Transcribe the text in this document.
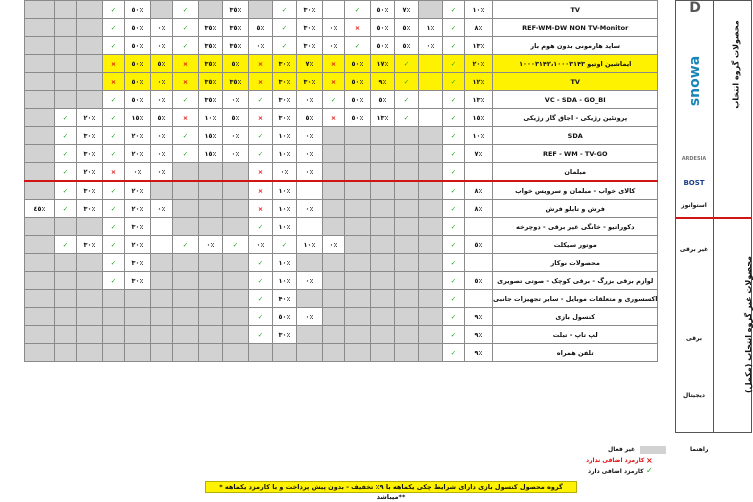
			✓	٥٠٪		✓		٣٥٪		✓	٣٠٪		✓	٥٠٪	٧٪		✓	۱۰٪	TV
			✓	٥٠٪	۰٪	✓	٣٥٪	٣٥٪	٥٪	✓	٣٠٪	۰٪	×	٥٠٪	٥٪	۱٪	✓	٨٪	REF-WM-DW NON TV-Monitor
			✓	٥٠٪	۰٪	✓	٣٥٪	٣٥٪	۰٪	✓	٣٠٪	۰٪	✓	٥٠٪	٥٪	۰٪	✓	۱٣٪	ساید هارمونی بدون هوم بار
			×	٥٠٪	٥٪	×	٣٥٪	٥٪	×	٣٠٪	٧٪	×	٥٠٪	۱٧٪	✓		✓	٢٠٪	ایماشین اوتیو ١٠٠٠٣١۴٢،١٠٠٠٣١۴٣
			×	٥٠٪	۰٪	×	٣٥٪	٣٥٪	×	٣٠٪	٣٠٪	×	٥٠٪	٩٪	✓		✓	۱٢٪	TV
			✓	٥٠٪	۰٪	✓	٣٥٪	۰٪	✓	٣٠٪	۰٪	✓	٥٠٪	٥٪	✓		✓	۱٣٪	VC - SDA - GO_BI
	✓	٢٠٪	✓	۱٥٪	٥٪	×	۱۰٪	٥٪	×	٣٠٪	٥٪	×	٥٠٪	۱٣٪	✓		✓	۱٥٪	پروتئین رژیکی - اجاق گاز رژیکی
	✓	٣٠٪	✓	٢٠٪	۰٪	✓	۱٥٪	٠٪	✓	۱۰٪	۰٪						✓	۱۰٪	SDA
	✓	٣٠٪	✓	٢٠٪	۰٪	✓	۱٥٪	٠٪	✓	۱۰٪	۰٪						✓	٧٪	REF - WM - TV-GO
	✓	٢٠٪	×	۰٪	۰٪				×	۰٪	۰٪						✓		مبلمان
	✓	٣٠٪	✓	٢٠٪					×	۱۰٪							✓	٨٪	کالای خواب - مبلمان و سرویس خواب
٤٥٪	✓	٣٠٪	✓	٢٠٪	۰٪				×	۱۰٪	۰٪						✓	٨٪	فرش و تابلو فرش
			✓	٣٠٪					✓	۱۰٪							✓		دکوراتیو - خانگی غیر برقی - دوچرخه
	✓	٣٠٪	✓	٢٠٪		✓	۰٪	✓	۰٪	✓	۱۰٪	۰٪					✓	٥٪	موتور سیکلت
			✓	٣٠٪					✓	۱۰٪							✓		محصولات نوکار
			✓	٣٠٪					✓	۱۰٪	۰٪						✓	٥٪	لوازم برقی بزرگ - برقی کوچک - صوتی تصویری
									✓	۴۰٪							✓		اکسسوری و متعلقات موبایل - سایر تجهیزات جانبی
									✓	٥٠٪	۰٪						✓	٩٪	کنسول بازی
									✓	٣٠٪							✓	٩٪	لپ تاپ - تبلت
																	✓	٩٪	تلفن همراه
D
snowa
ARDESIA
BOST
استوانوز
محصولات گروه انتخاب
محصولات غیر گروه انتخاب (مکمل)
غیر برقی
برقی
دیجیتال
غیر فعال	راهنما
×
کارمزد اضافی ندارد
✓
کارمزد اضافی دارد
* گروه محصول کنسول بازی دارای شرایط چکی یکماهه با ٩٪ تخفیف - بدون پیش پرداخت و با کارمزد یکماهه میباشد**
